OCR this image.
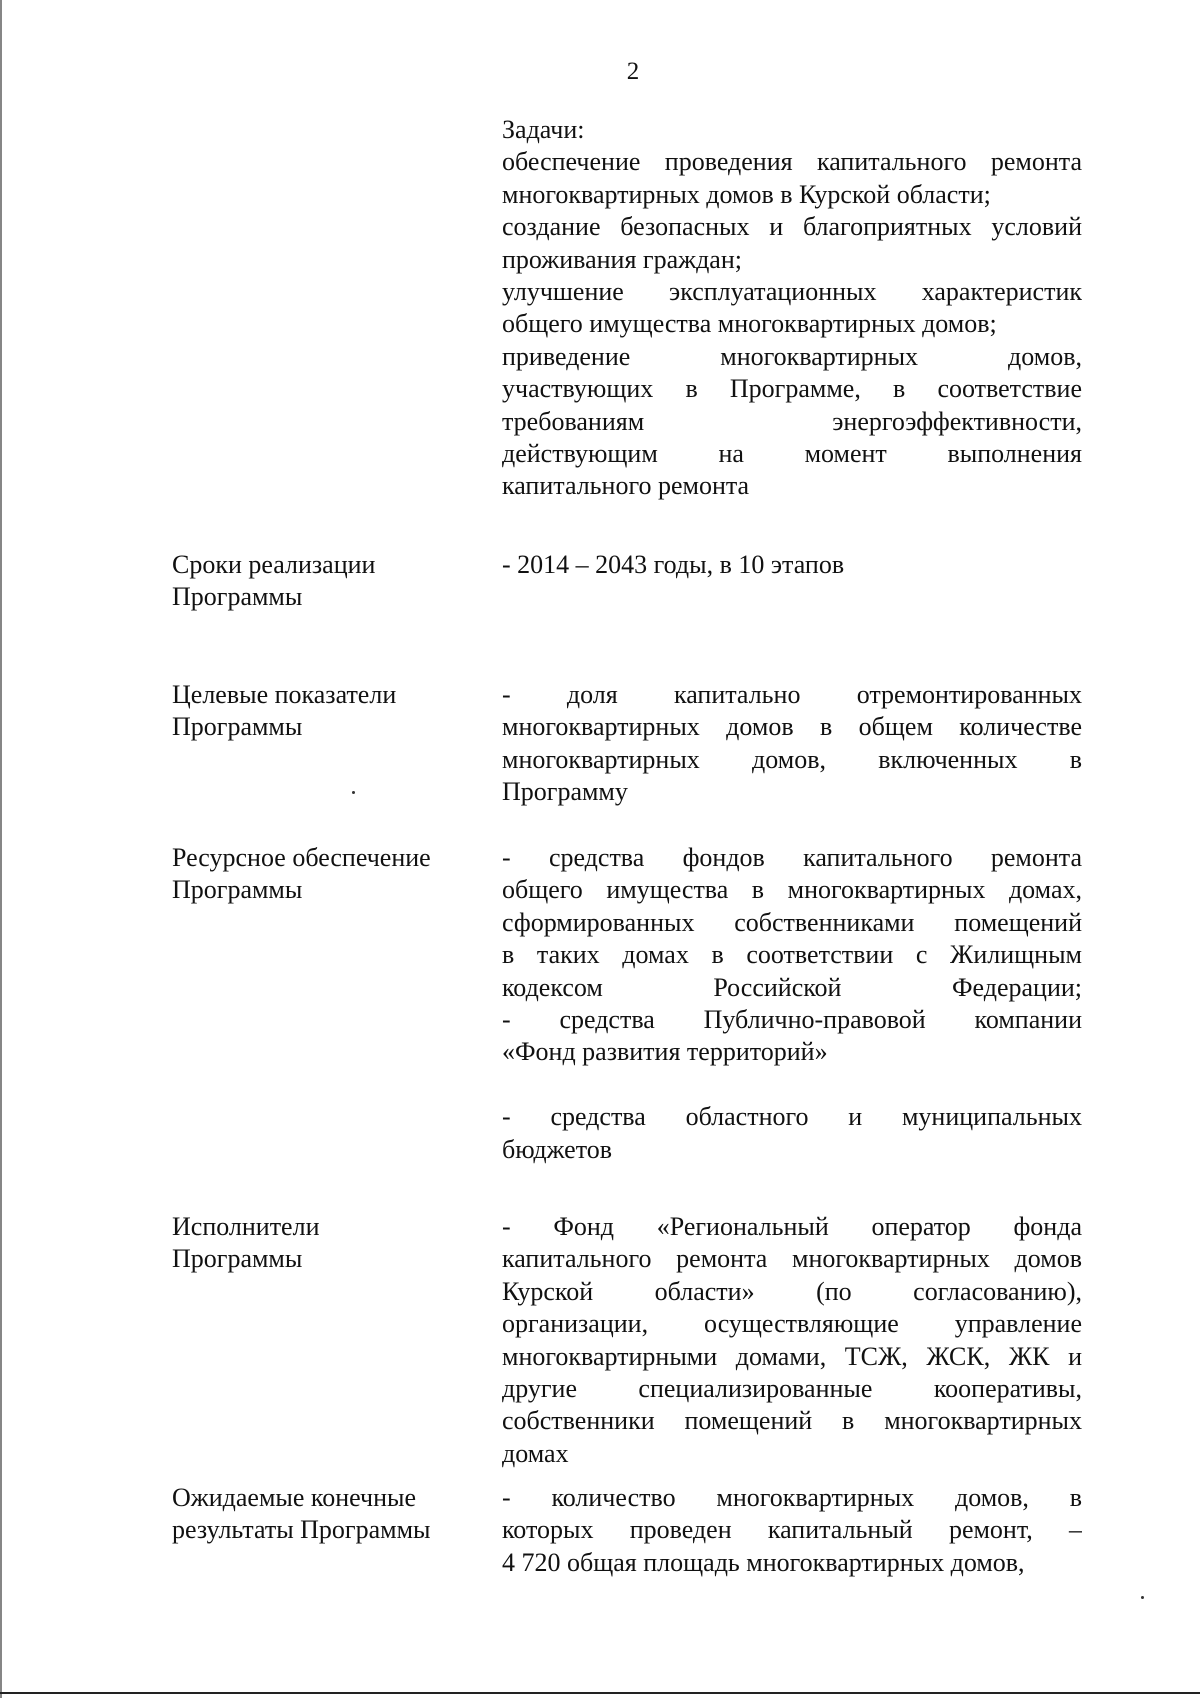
2
Задачи:
обеспечение проведения капитального ремонта
многоквартирных домов в Курской области;
создание безопасных и благоприятных условий
проживания граждан;
улучшение эксплуатационных характеристик
общего имущества многоквартирных домов;
приведение многоквартирных домов,
участвующих в Программе, в соответствие
требованиям энергоэффективности,
действующим на момент выполнения
капитального ремонта
Сроки реализации
Программы
- 2014 – 2043 годы, в 10 этапов
Целевые показатели
Программы
- доля капитально отремонтированных
многоквартирных домов в общем количестве
многоквартирных домов, включенных в
Программу
Ресурсное обеспечение
Программы
- средства фондов капитального ремонта
общего имущества в многоквартирных домах,
сформированных собственниками помещений
в таких домах в соответствии с Жилищным
кодексом Российской Федерации;
- средства Публично-правовой компании
«Фонд развития территорий»
- средства областного и муниципальных
бюджетов
Исполнители
Программы
- Фонд «Региональный оператор фонда
капитального ремонта многоквартирных домов
Курской области» (по согласованию),
организации, осуществляющие управление
многоквартирными домами, ТСЖ, ЖСК, ЖК и
другие специализированные кооперативы,
собственники помещений в многоквартирных
домах
Ожидаемые конечные
результаты Программы
- количество многоквартирных домов, в
которых проведен капитальный ремонт, –
4 720 общая площадь многоквартирных домов,
